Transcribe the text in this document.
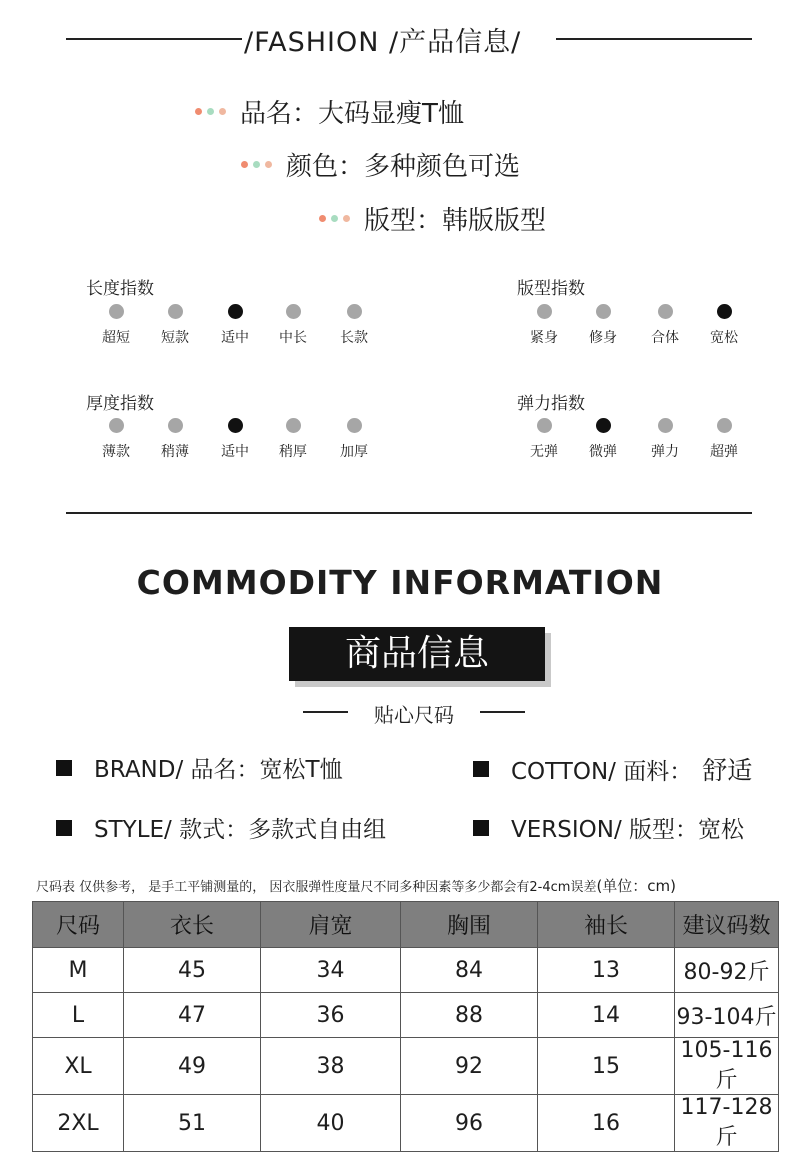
/FASHION /产品信息/
品名：大码显瘦T恤
颜色：多种颜色可选
版型：韩版版型
长度指数
超短	短款	适中	中长	长款
版型指数
紧身	修身	合体	宽松
厚度指数
薄款	稍薄	适中	稍厚	加厚
弹力指数
无弹	微弹	弹力	超弹
COMMODITY INFORMATION
商品信息
贴心尺码
BRAND/ 品名：宽松T恤	COTTON/ 面料： 舒适
STYLE/ 款式：多款式自由组	VERSION/ 版型：宽松
尺码表 仅供参考， 是手工平铺测量的， 因衣服弹性度量尺不同多种因素等多少都会有2-4cm误差(单位：cm)
尺码	衣长	肩宽	胸围	袖长	建议码数
M	45	34	84	13	80-92斤
L	47	36	88	14	93-104斤
XL	49	38	92	15	105-116斤
2XL	51	40	96	16	117-128斤
